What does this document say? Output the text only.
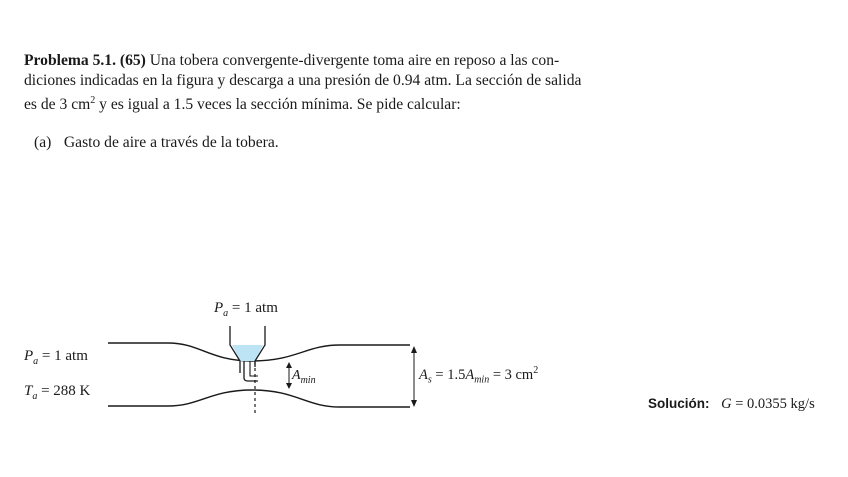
Problema 5.1. (65) Una tobera convergente-divergente toma aire en reposo a las con-

diciones indicadas en la figura y descarga a una presión de 0.94 atm. La sección de salida

es de 3 $cm^2$ y es igual a 1.5 veces la sección mínima. Se pide calcular:

(a) Gasto de aire a través de la tobera.
$P_a = 1$ atm
$P_a = 1$ atm
$T_a = 288$ K
$A_{min}$	$A_s = 1.5A_{min} = 3$ $cm^2$
Solución: G = 0.0355 kg/s
